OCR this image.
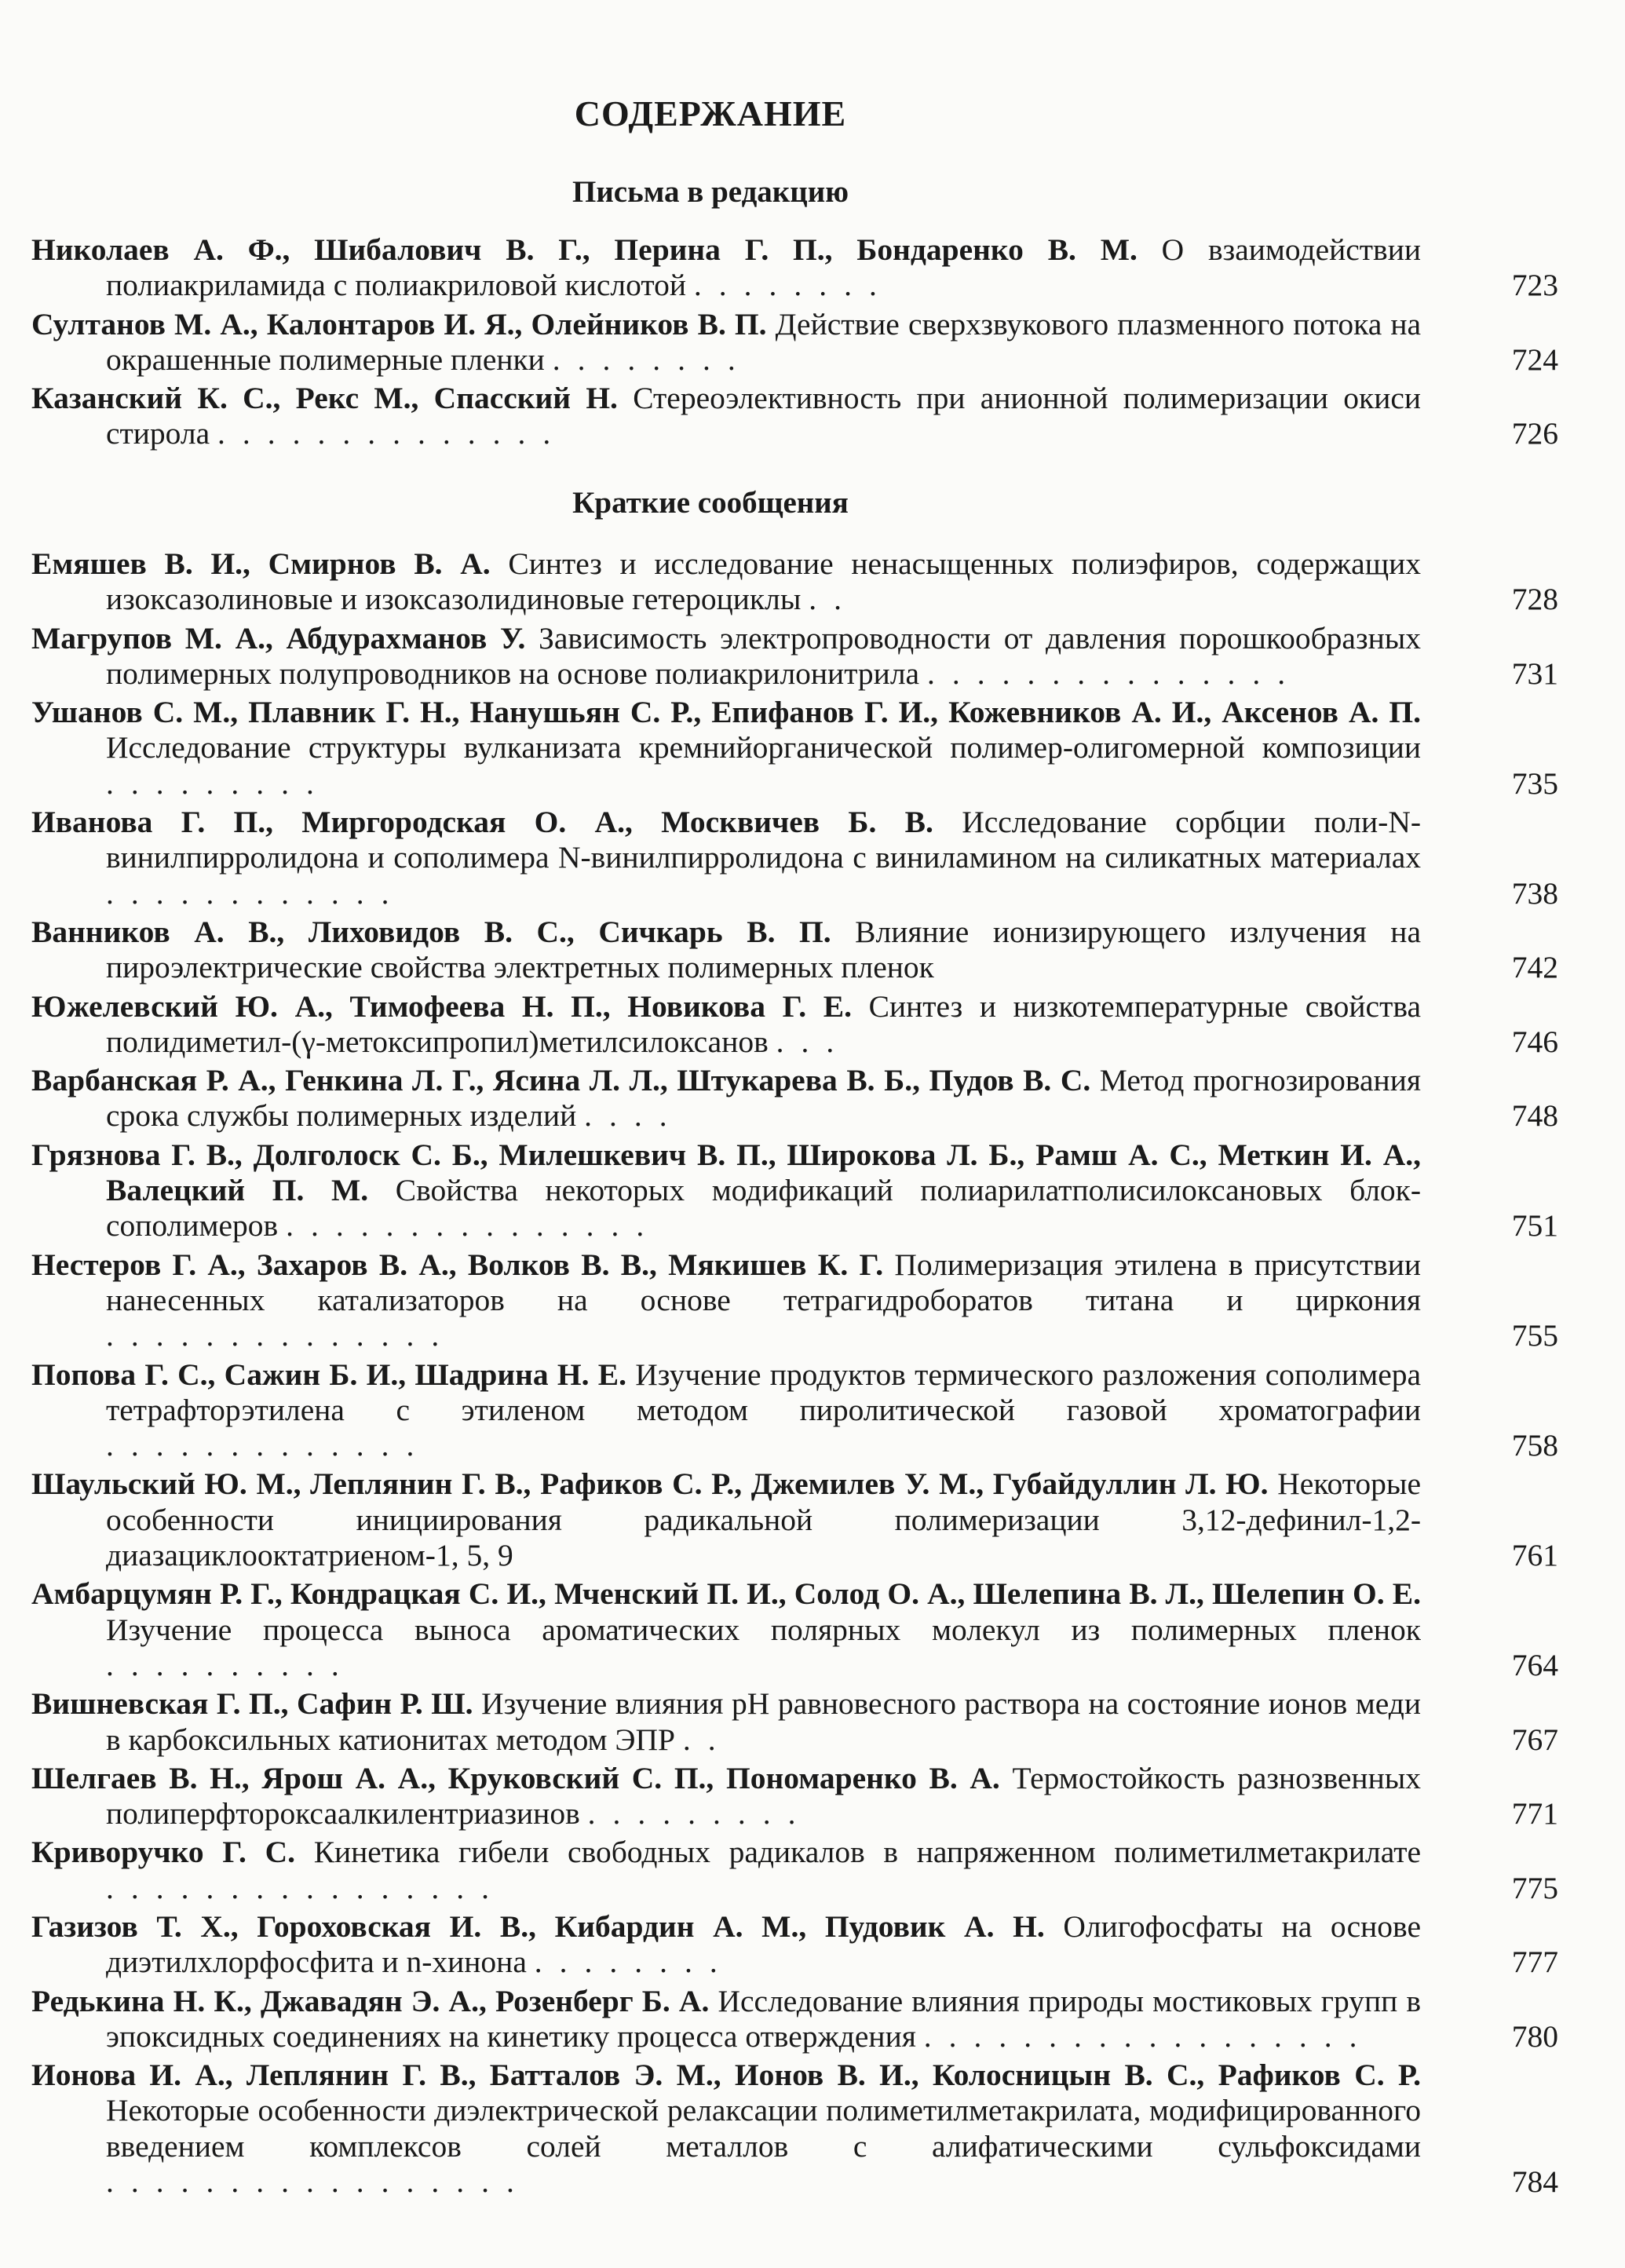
СОДЕРЖАНИЕ
Письма в редакцию
Николаев А. Ф., Шибалович В. Г., Перина Г. П., Бондаренко В. М. О взаимодействии полиакриламида с полиакриловой кислотой ........	723
Султанов М. А., Калонтаров И. Я., Олейников В. П. Действие сверхзвукового плазменного потока на окрашенные полимерные пленки ........	724
Казанский К. С., Рекс М., Спасский Н. Стереоэлективность при анионной полимеризации окиси стирола ..............	726
Краткие сообщения
Емяшев В. И., Смирнов В. А. Синтез и исследование ненасыщенных полиэфиров, содержащих изоксазолиновые и изоксазолидиновые гетероциклы ..	728
Магрупов М. А., Абдурахманов У. Зависимость электропроводности от давления порошкообразных полимерных полупроводников на основе полиакрилонитрила ...............	731
Ушанов С. М., Плавник Г. Н., Нанушьян С. Р., Епифанов Г. И., Кожевников А. И., Аксенов А. П. Исследование структуры вулканизата кремнийорганической полимер-олигомерной композиции .........	735
Иванова Г. П., Миргородская О. А., Москвичев Б. В. Исследование сорбции поли-N-винилпирролидона и сополимера N-винилпирролидона с виниламином на силикатных материалах ............	738
Ванников А. В., Лиховидов В. С., Сичкарь В. П. Влияние ионизирующего излучения на пироэлектрические свойства электретных полимерных пленок	742
Южелевский Ю. А., Тимофеева Н. П., Новикова Г. Е. Синтез и низкотемпературные свойства полидиметил-(γ-метоксипропил)метилсилоксанов ...	746
Варбанская Р. А., Генкина Л. Г., Ясина Л. Л., Штукарева В. Б., Пудов В. С. Метод прогнозирования срока службы полимерных изделий ....	748
Грязнова Г. В., Долголоск С. Б., Милешкевич В. П., Широкова Л. Б., Рамш А. С., Меткин И. А., Валецкий П. М. Свойства некоторых модификаций полиарилатполисилоксановых блок-сополимеров ...............	751
Нестеров Г. А., Захаров В. А., Волков В. В., Мякишев К. Г. Полимеризация этилена в присутствии нанесенных катализаторов на основе тетрагидроборатов титана и циркония ..............	755
Попова Г. С., Сажин Б. И., Шадрина Н. Е. Изучение продуктов термического разложения сополимера тетрафторэтилена с этиленом методом пиролитической газовой хроматографии .............	758
Шаульский Ю. М., Леплянин Г. В., Рафиков С. Р., Джемилев У. М., Губайдуллин Л. Ю. Некоторые особенности инициирования радикальной полимеризации 3,12-дефинил-1,2-диазациклооктатриеном-1, 5, 9	761
Амбарцумян Р. Г., Кондрацкая С. И., Мченский П. И., Солод О. А., Шелепина В. Л., Шелепин О. Е. Изучение процесса выноса ароматических полярных молекул из полимерных пленок ..........	764
Вишневская Г. П., Сафин Р. Ш. Изучение влияния pH равновесного раствора на состояние ионов меди в карбоксильных катионитах методом ЭПР ..	767
Шелгаев В. Н., Ярош А. А., Круковский С. П., Пономаренко В. А. Термостойкость разнозвенных полиперфтороксаалкилентриазинов .........	771
Криворучко Г. С. Кинетика гибели свободных радикалов в напряженном полиметилметакрилате ................	775
Газизов Т. Х., Гороховская И. В., Кибардин А. М., Пудовик А. Н. Олигофосфаты на основе диэтилхлорфосфита и n-хинона ........	777
Редькина Н. К., Джавадян Э. А., Розенберг Б. А. Исследование влияния природы мостиковых групп в эпоксидных соединениях на кинетику процесса отверждения ..................	780
Ионова И. А., Леплянин Г. В., Батталов Э. М., Ионов В. И., Колосницын В. С., Рафиков С. Р. Некоторые особенности диэлектрической релаксации полиметилметакрилата, модифицированного введением комплексов солей металлов с алифатическими сульфоксидами .................	784
